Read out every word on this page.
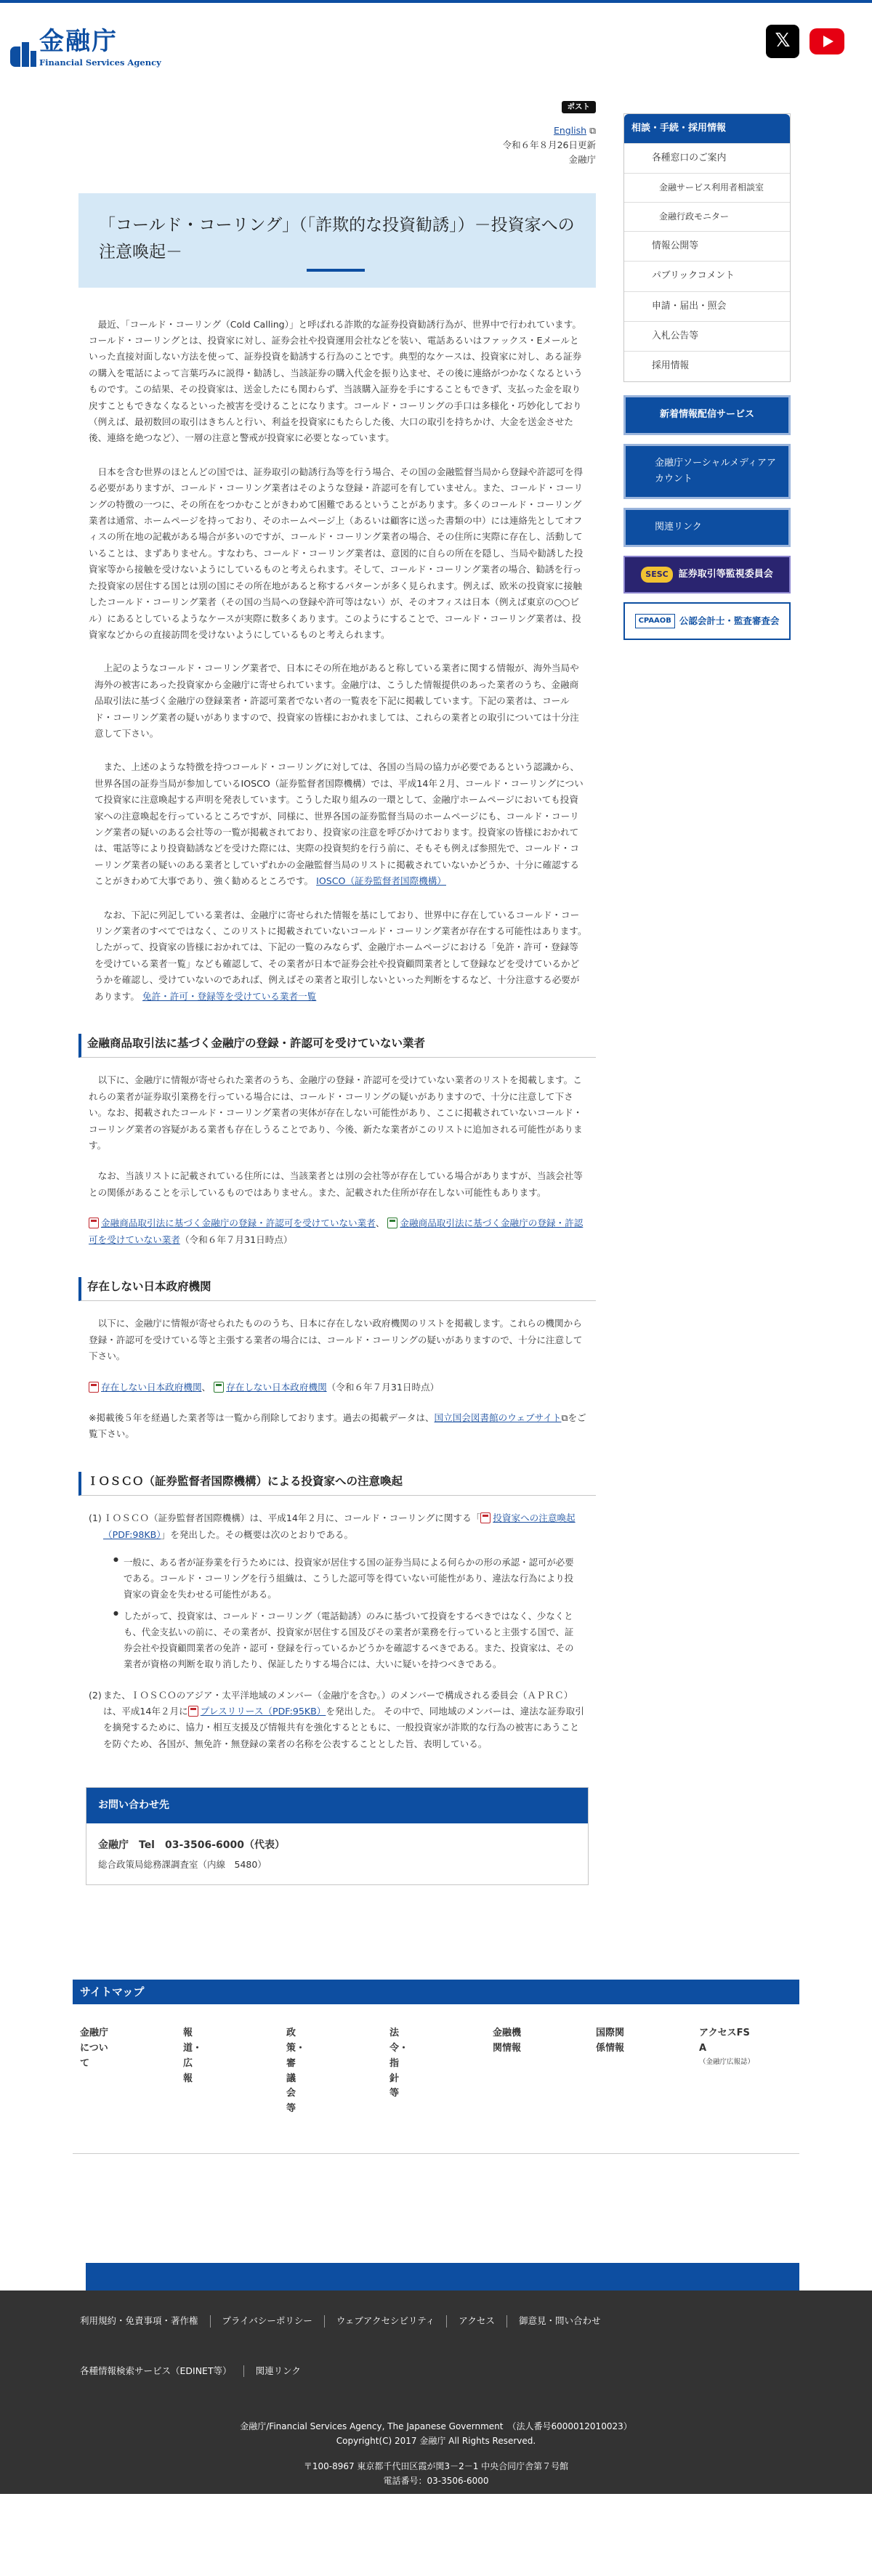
金融庁
Financial Services Agency
𝕏
ポスト
English ⧉
令和６年８月26日更新
金融庁
「コールド・コーリング」（「詐欺的な投資勧誘」）－投資家への注意喚起－

最近、「コールド・コーリング（Cold Calling）」と呼ばれる詐欺的な証券投資勧誘行為が、世界中で行われています。コールド・コーリングとは、投資家に対し、証券会社や投資運用会社などを装い、電話あるいはファックス・Eメールといった直接対面しない方法を使って、証券投資を勧誘する行為のことです。典型的なケースは、投資家に対し、ある証券の購入を電話によって言葉巧みに説得・勧誘し、当該証券の購入代金を振り込ませ、その後に連絡がつかなくなるというものです。この結果、その投資家は、送金したにも関わらず、当該購入証券を手にすることもできず、支払った金を取り戻すこともできなくなるといった被害を受けることになります。コールド・コーリングの手口は多様化・巧妙化しており（例えば、最初数回の取引はきちんと行い、利益を投資家にもたらした後、大口の取引を持ちかけ、大金を送金させた後、連絡を絶つなど）、一層の注意と警戒が投資家に必要となっています。

日本を含む世界のほとんどの国では、証券取引の勧誘行為等を行う場合、その国の金融監督当局から登録や許認可を得る必要がありますが、コールド・コーリング業者はそのような登録・許認可を有していません。また、コールド・コーリングの特徴の一つに、その所在をつかむことがきわめて困難であるということがあります。多くのコールド・コーリング業者は通常、ホームページを持っており、そのホームページ上（あるいは顧客に送った書類の中）には連絡先としてオフィスの所在地の記載がある場合が多いのですが、コールド・コーリング業者の場合、その住所に実際に存在し、活動していることは、まずありません。すなわち、コールド・コーリング業者は、意図的に自らの所在を隠し、当局や勧誘した投資家等から接触を受けないようにしているものと考えられます。そして、コールド・コーリング業者の場合、勧誘を行った投資家の居住する国とは別の国にその所在地があると称するパターンが多く見られます。例えば、欧米の投資家に接触したコールド・コーリング業者（その国の当局への登録や許可等はない）が、そのオフィスは日本（例えば東京の○○ビル）にあるとしているようなケースが実際に数多くあります。このようにすることで、コールド・コーリング業者は、投資家などからの直接訪問を受けないようにしているものと考えられます。

上記のようなコールド・コーリング業者で、日本にその所在地があると称している業者に関する情報が、海外当局や海外の被害にあった投資家から金融庁に寄せられています。金融庁は、こうした情報提供のあった業者のうち、金融商品取引法に基づく金融庁の登録業者・許認可業者でない者の一覧表を下記に掲載しています。下記の業者は、コールド・コーリング業者の疑いがありますので、投資家の皆様におかれましては、これらの業者との取引については十分注意して下さい。

また、上述のような特徴を持つコールド・コーリングに対しては、各国の当局の協力が必要であるという認識から、世界各国の証券当局が参加しているIOSCO（証券監督者国際機構）では、平成14年２月、コールド・コーリングについて投資家に注意喚起する声明を発表しています。こうした取り組みの一環として、金融庁ホームページにおいても投資家への注意喚起を行っているところですが、同様に、世界各国の証券監督当局のホームページにも、コールド・コーリング業者の疑いのある会社等の一覧が掲載されており、投資家の注意を呼びかけております。投資家の皆様におかれては、電話等により投資勧誘などを受けた際には、実際の投資契約を行う前に、そもそも例えば参照先で、コールド・コーリング業者の疑いのある業者としていずれかの金融監督当局のリストに掲載されていないかどうか、十分に確認することがきわめて大事であり、強く勧めるところです。 IOSCO（証券監督者国際機構）

なお、下記に列記している業者は、金融庁に寄せられた情報を基にしており、世界中に存在しているコールド・コーリング業者のすべてではなく、このリストに掲載されていないコールド・コーリング業者が存在する可能性はあります。したがって、投資家の皆様におかれては、下記の一覧のみならず、金融庁ホームページにおける「免許・許可・登録等を受けている業者一覧」なども確認して、その業者が日本で証券会社や投資顧問業者として登録などを受けているかどうかを確認し、受けていないのであれば、例えばその業者と取引しないといった判断をするなど、十分注意する必要があります。 免許・許可・登録等を受けている業者一覧

金融商品取引法に基づく金融庁の登録・許認可を受けていない業者

以下に、金融庁に情報が寄せられた業者のうち、金融庁の登録・許認可を受けていない業者のリストを掲載します。これらの業者が証券取引業務を行っている場合には、コールド・コーリングの疑いがありますので、十分に注意して下さい。なお、掲載されたコールド・コーリング業者の実体が存在しない可能性があり、ここに掲載されていないコールド・コーリング業者の容疑がある業者も存在しうることであり、今後、新たな業者がこのリストに追加される可能性があります。

なお、当該リストに記載されている住所には、当該業者とは別の会社等が存在している場合がありますが、当該会社等との関係があることを示しているものではありません。また、記載された住所が存在しない可能性もあります。

金融商品取引法に基づく金融庁の登録・許認可を受けていない業者、 金融商品取引法に基づく金融庁の登録・許認可を受けていない業者（令和６年７月31日時点）
存在しない日本政府機関

以下に、金融庁に情報が寄せられたもののうち、日本に存在しない政府機関のリストを掲載します。これらの機関から登録・許認可を受けている等と主張する業者の場合には、コールド・コーリングの疑いがありますので、十分に注意して下さい。

存在しない日本政府機関、 存在しない日本政府機関（令和６年７月31日時点）
※掲載後５年を経過した業者等は一覧から削除しております。過去の掲載データは、国立国会図書館のウェブサイト⧉をご覧下さい。
ＩＯＳＣＯ（証券監督者国際機構）による投資家への注意喚起
(1) ＩＯＳＣＯ（証券監督者国際機構）は、平成14年２月に、コールド・コーリングに関する「 投資家への注意喚起（PDF:98KB）」を発出した。その概要は次のとおりである。
● 一般に、ある者が証券業を行うためには、投資家が居住する国の証券当局による何らかの形の承認・認可が必要である。コールド・コーリングを行う組織は、こうした認可等を得ていない可能性があり、違法な行為により投資家の資金を失わせる可能性がある。
● したがって、投資家は、コールド・コーリング（電話勧誘）のみに基づいて投資をするべきではなく、少なくとも、代金支払いの前に、その業者が、投資家が居住する国及びその業者が業務を行っていると主張する国で、証券会社や投資顧問業者の免許・認可・登録を行っているかどうかを確認するべきである。また、投資家は、その業者が資格の判断を取り消したり、保証したりする場合には、大いに疑いを持つべきである。
(2) また、ＩＯＳＣＯのアジア・太平洋地域のメンバー（金融庁を含む。）のメンバーで構成される委員会（ＡＰＲＣ）は、平成14年２月に プレスリリース（PDF:95KB）を発出した。 その中で、同地域のメンバーは、違法な証券取引を摘発するために、協力・相互支援及び情報共有を強化するとともに、一般投資家が詐欺的な行為の被害にあうことを防ぐため、各国が、無免許・無登録の業者の名称を公表することとした旨、表明している。
お問い合わせ先
金融庁　Tel　03-3506-6000（代表）
総合政策局総務課調査室（内線　5480）
相談・手続・採用情報
各種窓口のご案内
金融サービス利用者相談室
金融行政モニター
情報公開等
パブリックコメント
申請・届出・照会
入札公告等
採用情報
新着情報配信サービス
金融庁ソーシャルメディアアカウント
関連リンク
SESC	証券取引等監視委員会
CPAAOB 公認会計士・監査審査会
サイトマップ
金融庁について
報道・広報
政策・審議会等
法令・指針等
金融機関情報
国際関係情報
アクセスFSA
（金融庁広報誌）
利用規約・免責事項・著作権	プライバシーポリシー	ウェブアクセシビリティ	アクセス	御意見・問い合わせ
各種情報検索サービス（EDINET等）	関連リンク
金融庁/Financial Services Agency, The Japanese Government　（法人番号6000012010023）
Copyright(C) 2017 金融庁 All Rights Reserved.
〒100-8967 東京都千代田区霞が関3－2－1 中央合同庁舎第７号館
電話番号：03-3506-6000
